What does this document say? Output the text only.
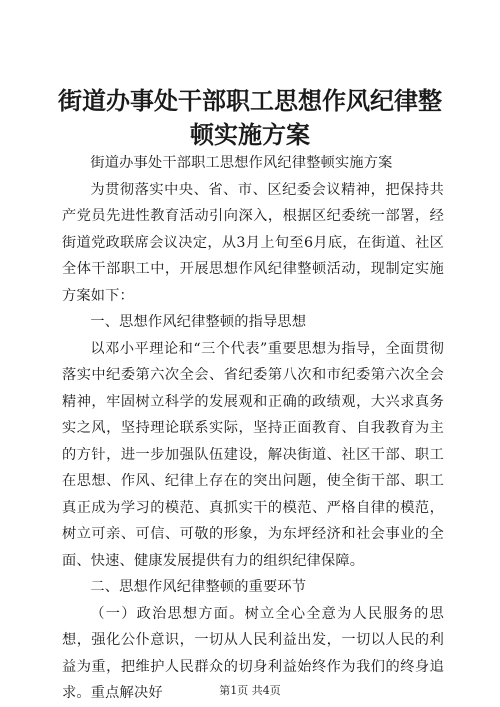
街道办事处干部职工思想作风纪律整顿实施方案

街道办事处干部职工思想作风纪律整顿实施方案

为贯彻落实中央、省、市、区纪委会议精神，把保持共产党员先进性教育活动引向深入，根据区纪委统一部署，经街道党政联席会议决定，从3月上旬至6月底，在街道、社区全体干部职工中，开展思想作风纪律整顿活动，现制定实施方案如下：

一、思想作风纪律整顿的指导思想

以邓小平理论和“三个代表”重要思想为指导，全面贯彻落实中纪委第六次全会、省纪委第八次和市纪委第六次全会精神，牢固树立科学的发展观和正确的政绩观，大兴求真务实之风，坚持理论联系实际，坚持正面教育、自我教育为主的方针，进一步加强队伍建设，解决街道、社区干部、职工在思想、作风、纪律上存在的突出问题，使全街干部、职工真正成为学习的模范、真抓实干的模范、严格自律的模范，树立可亲、可信、可敬的形象，为东坪经济和社会事业的全面、快速、健康发展提供有力的组织纪律保障。

二、思想作风纪律整顿的重要环节

（一）政治思想方面。树立全心全意为人民服务的思想，强化公仆意识，一切从人民利益出发，一切以人民的利益为重，把维护人民群众的切身利益始终作为我们的终身追求。重点解决好	第1页 共4页
